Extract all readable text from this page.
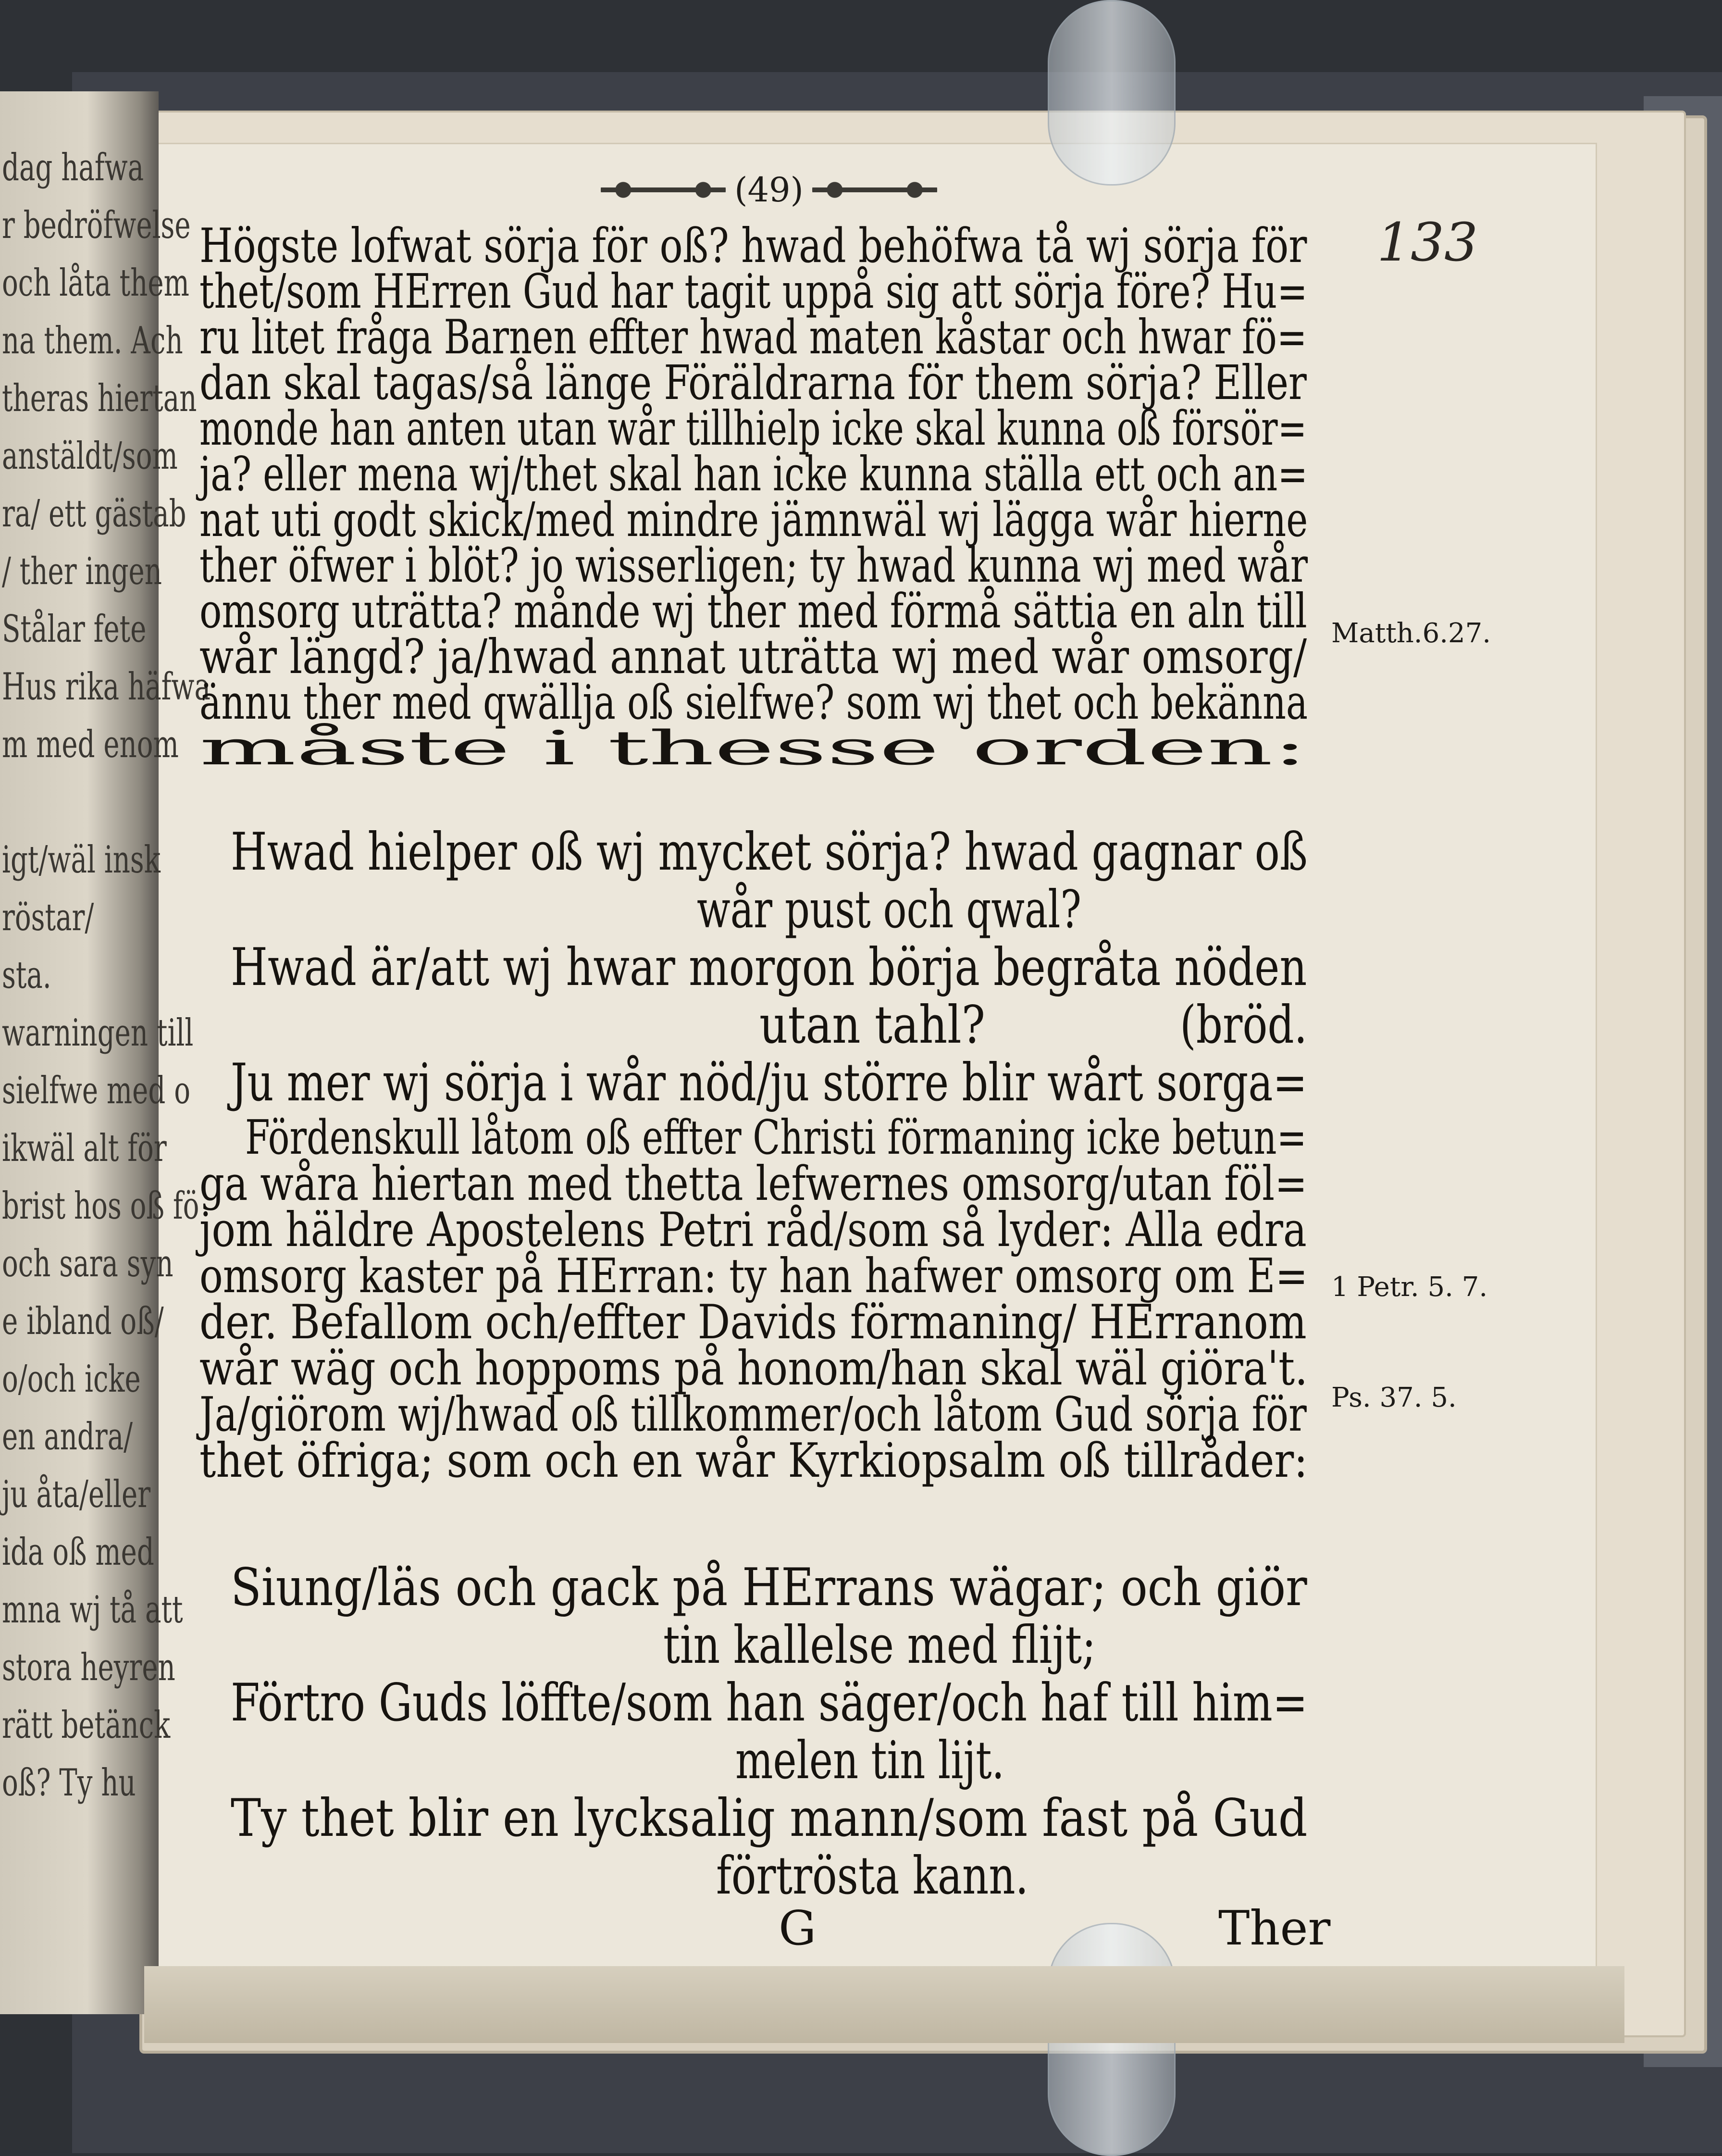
dag hafwa
r bedröfwelse
och låta them
na them. Ach
theras hiertan
anstäldt/som
ra/ ett gästab
/ ther ingen
Stålar fete
Hus rika häfwa
m med enom
igt/wäl insk
röstar/
sta.
warningen till
sielfwe med o
ikwäl alt för
brist hos oß fö
och sara syn
e ibland oß/
o/och icke
en andra/
ju åta/eller
ida oß med
mna wj tå att
stora heyren
rätt betänck
oß? Ty hu
(49)
133
Högste lofwat sörja för oß? hwad behöfwa tå wj sörja för
thet/som HErren Gud har tagit uppå sig att sörja före? Hu=
ru litet fråga Barnen effter hwad maten kåstar och hwar fö=
dan skal tagas/så länge Föräldrarna för them sörja? Eller
monde han anten utan wår tillhielp icke skal kunna oß försör=
ja? eller mena wj/thet skal han icke kunna ställa ett och an=
nat uti godt skick/med mindre jämnwäl wj lägga wår hierne
ther öfwer i blöt? jo wisserligen; ty hwad kunna wj med wår
omsorg uträtta? månde wj ther med förmå sättia en aln till
wår längd? ja/hwad annat uträtta wj med wår omsorg/
ännu ther med qwällja oß sielfwe? som wj thet och bekänna
måste i thesse orden:
Hwad hielper oß wj mycket sörja? hwad gagnar oß
wår pust och qwal?
Hwad är/att wj hwar morgon börja begråta nöden
utan tahl?	(bröd.
Ju mer wj sörja i wår nöd/ju större blir wårt sorga=
Fördenskull låtom oß effter Christi förmaning icke betun=
ga wåra hiertan med thetta lefwernes omsorg/utan föl=
jom häldre Apostelens Petri råd/som så lyder: Alla edra
omsorg kaster på HErran: ty han hafwer omsorg om E=
der. Befallom och/effter Davids förmaning/ HErranom
wår wäg och hoppoms på honom/han skal wäl giöra't.
Ja/giörom wj/hwad oß tillkommer/och låtom Gud sörja för
thet öfriga; som och en wår Kyrkiopsalm oß tillråder:
Siung/läs och gack på HErrans wägar; och giör
tin kallelse med flijt;
Förtro Guds löffte/som han säger/och haf till him=
melen tin lijt.
Ty thet blir en lycksalig mann/som fast på Gud
förtrösta kann.
Matth.6.27.
1 Petr. 5. 7.
Ps. 37. 5.
G	Ther
